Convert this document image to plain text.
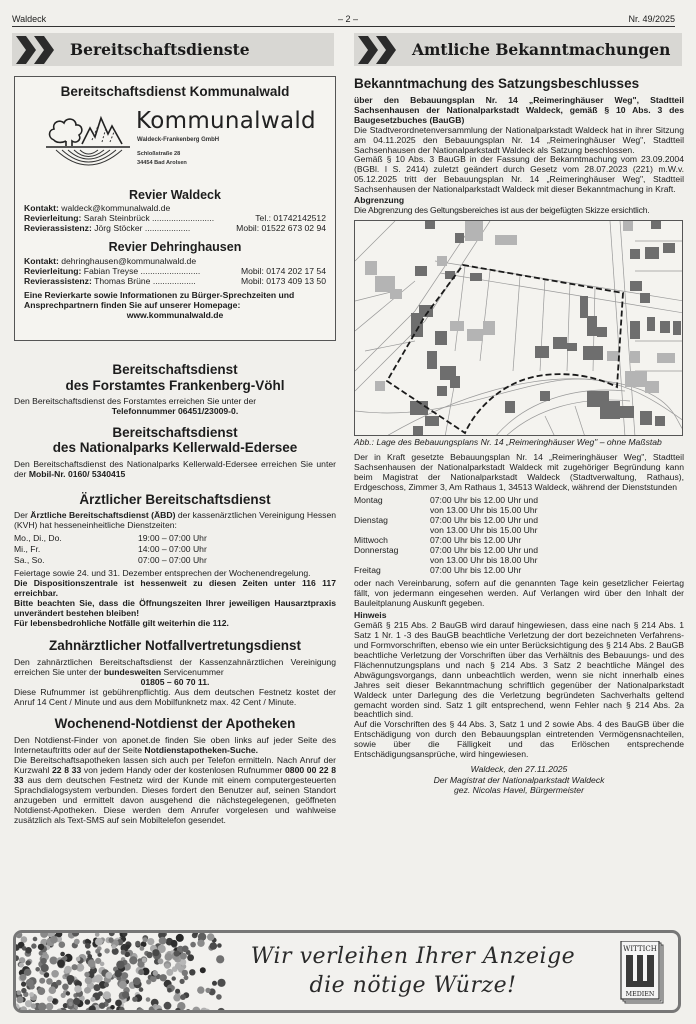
Waldeck	– 2 –	Nr. 49/2025
Bereitschaftsdienste	Amtliche Bekanntmachungen
Bereitschaftsdienst Kommunalwald
Kommunalwald
Waldeck-Frankenberg GmbH
Schloßstraße 28
34454 Bad Arolsen
Revier Waldeck
Kontakt: waldeck@kommunalwald.de
Revierleitung: Sarah Steinbrück ..........................	Tel.: 01742142512
Revierassistenz: Jörg Stöcker ...................	Mobil: 01522 673 02 94
Revier Dehringhausen
Kontakt: dehringhausen@kommunalwald.de
Revierleitung: Fabian Treyse .........................	Mobil: 0174 202 17 54
Revierassistenz: Thomas Brüne ..................	Mobil: 0173 409 13 50
Eine Revierkarte sowie Informationen zu Bürger-Sprechzeiten und
Ansprechpartnern finden Sie auf unserer Homepage:
www.kommunalwald.de
Bereitschaftsdienst
des Forstamtes Frankenberg-Vöhl
Den Bereitschaftsdienst des Forstamtes erreichen Sie unter der
Telefonnummer 06451/23009-0.
Bereitschaftsdienst
des Nationalparks Kellerwald-Edersee
Den Bereitschaftsdienst des Nationalparks Kellerwald-Edersee erreichen Sie unter der Mobil-Nr. 0160/ 5340415
Ärztlicher Bereitschaftsdienst
Der Ärztliche Bereitschaftsdienst (ÄBD) der kassenärztlichen Vereinigung Hessen (KVH) hat hesseneinheitliche Dienstzeiten:
Mo., Di., Do.	19:00 – 07:00 Uhr
Mi., Fr.	14:00 – 07:00 Uhr
Sa., So.	07:00 – 07:00 Uhr
Feiertage sowie 24. und 31. Dezember entsprechen der Wochenendregelung.
Die Dispositionszentrale ist hessenweit zu diesen Zeiten unter 116 117 erreichbar.
Bitte beachten Sie, dass die Öffnungszeiten Ihrer jeweiligen Hausarztpraxis unverändert bestehen bleiben!
Für lebensbedrohliche Notfälle gilt weiterhin die 112.
Zahnärztlicher Notfallvertretungsdienst
Den zahnärztlichen Bereitschaftsdienst der Kassenzahnärztlichen Vereinigung erreichen Sie unter der bundesweiten Servicenummer
01805 – 60 70 11.
Diese Rufnummer ist gebührenpflichtig. Aus dem deutschen Festnetz kostet der Anruf 14 Cent / Minute und aus dem Mobilfunknetz max. 42 Cent / Minute.
Wochenend-Notdienst der Apotheken
Den Notdienst-Finder von aponet.de finden Sie oben links auf jeder Seite des Internetauftritts oder auf der Seite Notdienstapotheken-Suche.
Die Bereitschaftsapotheken lassen sich auch per Telefon ermitteln. Nach Anruf der Kurzwahl 22 8 33 von jedem Handy oder der kostenlosen Rufnummer 0800 00 22 8 33 aus dem deutschen Festnetz wird der Kunde mit einem computergesteuerten Sprachdialogsystem verbunden. Dieses fordert den Benutzer auf, seinen Standort anzugeben und ermittelt davon ausgehend die nächstegelegenen, geöffneten Notdienst-Apotheken. Diese werden dem Anrufer vorgelesen und wahlweise zusätzlich als Text-SMS auf sein Mobiltelefon gesendet.
Bekanntmachung des Satzungsbeschlusses
über den Bebauungsplan Nr. 14 „Reimeringhäuser Weg", Stadtteil Sachsenhausen der Nationalparkstadt Waldeck, gemäß § 10 Abs. 3 des Baugesetzbuches (BauGB)
Die Stadtverordnetenversammlung der Nationalparkstadt Waldeck hat in ihrer Sitzung am 04.11.2025 den Bebauungsplan Nr. 14 „Reimeringhäuser Weg", Stadtteil Sachsenhausen der Nationalparkstadt Waldeck als Satzung beschlossen.
Gemäß § 10 Abs. 3 BauGB in der Fassung der Bekanntmachung vom 23.09.2004 (BGBl. I S. 2414) zuletzt geändert durch Gesetz vom 28.07.2023 (221) m.W.v. 05.12.2025 tritt der Bebauungsplan Nr. 14 „Reimeringhäuser Weg", Stadtteil Sachsenhausen der Nationalparkstadt Waldeck mit dieser Bekanntmachung in Kraft.
Abgrenzung
Die Abgrenzung des Geltungsbereiches ist aus der beigefügten Skizze ersichtlich.
Abb.: Lage des Bebauungsplans Nr. 14 „Reimeringhäuser Weg" – ohne Maßstab
Der in Kraft gesetzte Bebauungsplan Nr. 14 „Reimeringhäuser Weg", Stadtteil Sachsenhausen der Nationalparkstadt Waldeck mit zugehöriger Begründung kann beim Magistrat der Nationalparkstadt Waldeck (Stadtverwaltung, Rathaus), Erdgeschoss, Zimmer 3, Am Rathaus 1, 34513 Waldeck, während der Dienststunden
Montag	07:00 Uhr bis 12.00 Uhr und
von 13.00 Uhr bis 15.00 Uhr
Dienstag	07:00 Uhr bis 12.00 Uhr und
von 13.00 Uhr bis 15.00 Uhr
Mittwoch	07:00 Uhr bis 12.00 Uhr
Donnerstag	07:00 Uhr bis 12.00 Uhr und
von 13.00 Uhr bis 18.00 Uhr
Freitag	07:00 Uhr bis 12.00 Uhr
oder nach Vereinbarung, sofern auf die genannten Tage kein gesetzlicher Feiertag fällt, von jedermann eingesehen werden. Auf Verlangen wird über den Inhalt der Bauleitplanung Auskunft gegeben.
Hinweis
Gemäß § 215 Abs. 2 BauGB wird darauf hingewiesen, dass eine nach § 214 Abs. 1 Satz 1 Nr. 1 -3 des BauGB beachtliche Verletzung der dort bezeichneten Verfahrens- und Formvorschriften, ebenso wie ein unter Berücksichtigung des § 214 Abs. 2 BauGB beachtliche Verletzung der Vorschriften über das Verhältnis des Bebauungs- und des Flächennutzungsplans und nach § 214 Abs. 3 Satz 2 beachtliche Mängel des Abwägungsvorgangs, dann unbeachtlich werden, wenn sie nicht innerhalb eines Jahres seit dieser Bekanntmachung schriftlich gegenüber der Nationalparkstadt Waldeck unter Darlegung des die Verletzung begründeten Sachverhalts geltend gemacht worden sind. Satz 1 gilt entsprechend, wenn Fehler nach § 214 Abs. 2a beachtlich sind.
Auf die Vorschriften des § 44 Abs. 3, Satz 1 und 2 sowie Abs. 4 des BauGB über die Entschädigung von durch den Bebauungsplan eintretenden Vermögensnachteilen, sowie über die Fälligkeit und das Erlöschen entsprechende Entschädigungsansprüche, wird hingewiesen.
Waldeck, den 27.11.2025
Der Magistrat der Nationalparkstadt Waldeck
gez. Nicolas Havel, Bürgermeister
Wir verleihen Ihrer Anzeige
die nötige Würze!
WITTICH
MEDIEN
